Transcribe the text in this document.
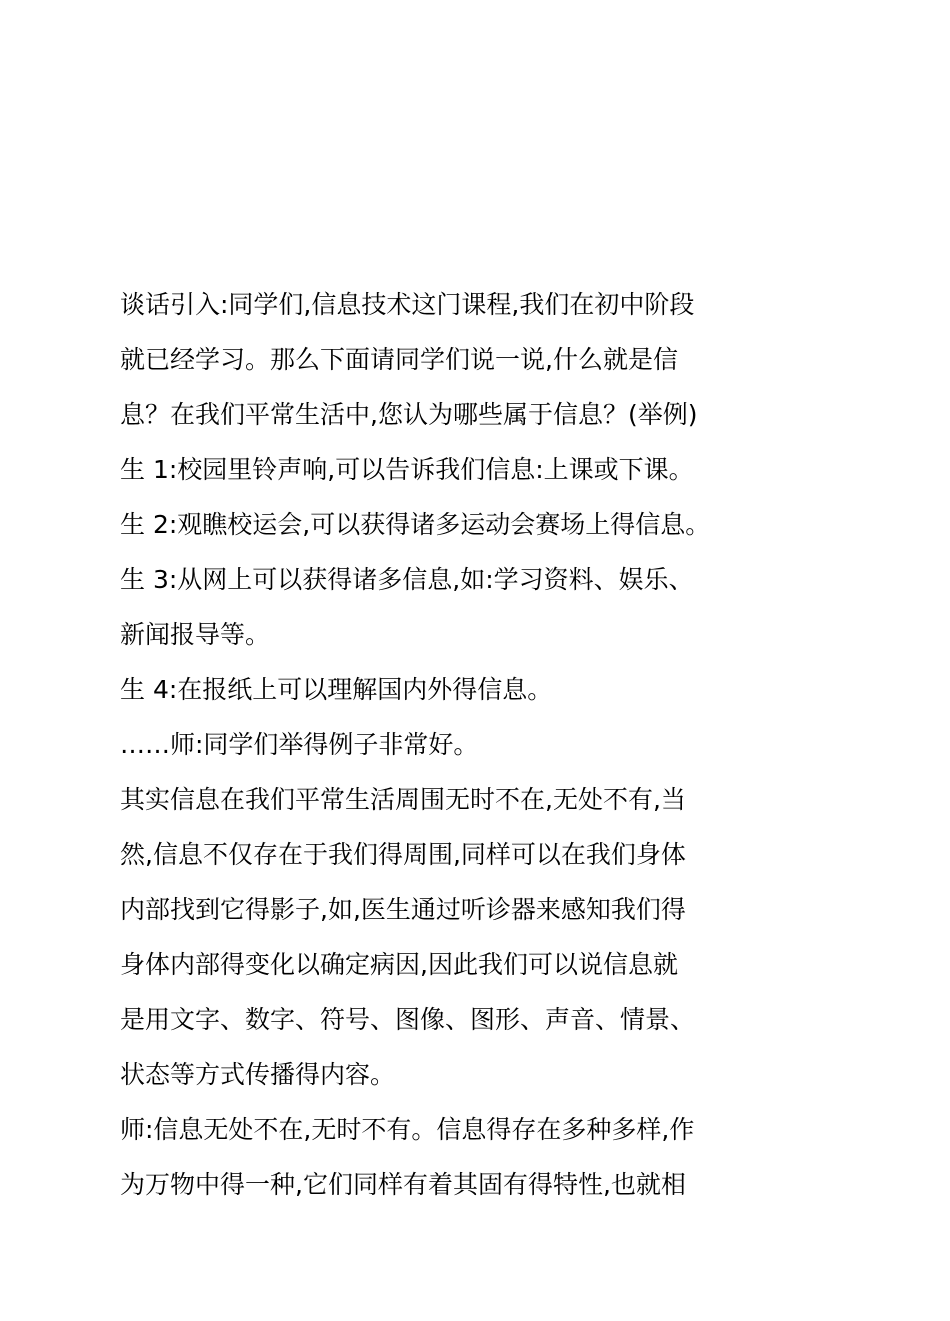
谈话引入:同学们,信息技术这门课程,我们在初中阶段
就已经学习。那么下面请同学们说一说,什么就是信
息？在我们平常生活中,您认为哪些属于信息？(举例)
生 1:校园里铃声响,可以告诉我们信息:上课或下课。
生 2:观瞧校运会,可以获得诸多运动会赛场上得信息。
生 3:从网上可以获得诸多信息,如:学习资料、娱乐、
新闻报导等。
生 4:在报纸上可以理解国内外得信息。
……师:同学们举得例子非常好。
其实信息在我们平常生活周围无时不在,无处不有,当
然,信息不仅存在于我们得周围,同样可以在我们身体
内部找到它得影子,如,医生通过听诊器来感知我们得
身体内部得变化以确定病因,因此我们可以说信息就
是用文字、数字、符号、图像、图形、声音、情景、
状态等方式传播得内容。
师:信息无处不在,无时不有。信息得存在多种多样,作
为万物中得一种,它们同样有着其固有得特性,也就相
